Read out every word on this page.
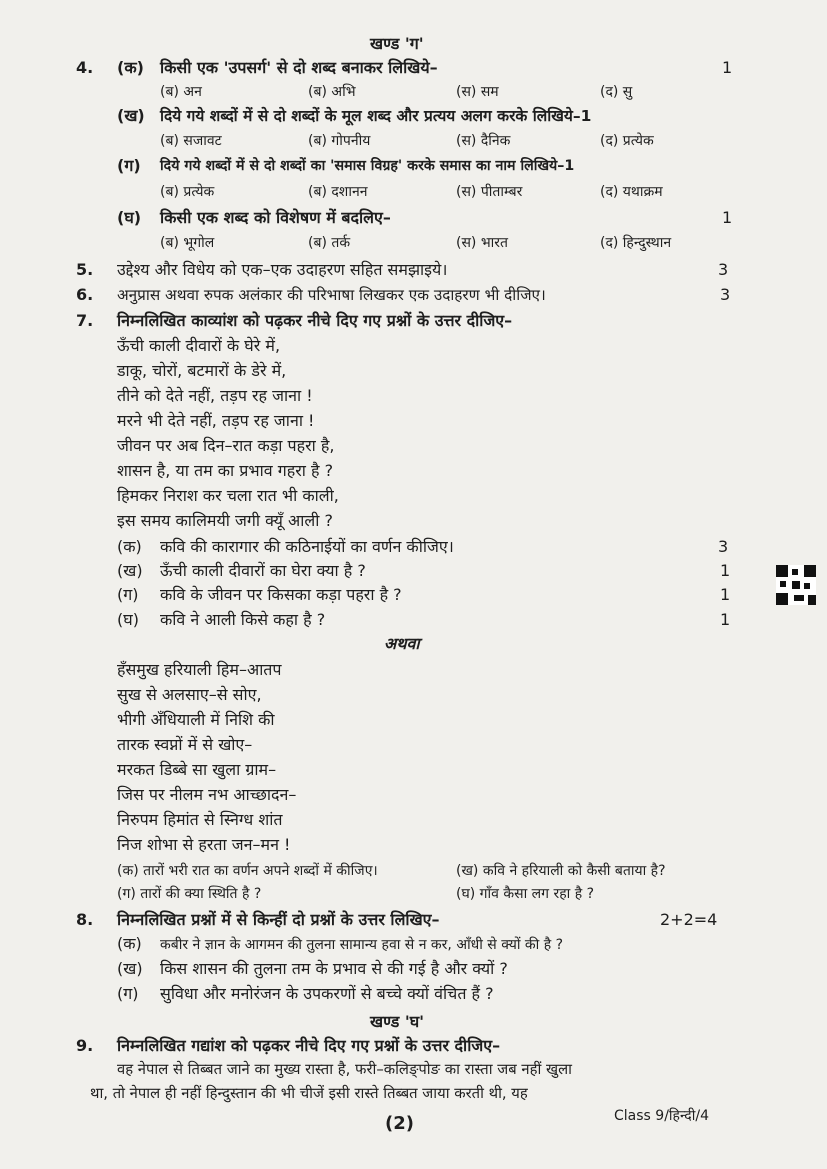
खण्ड 'ग'
4. (क) किसी एक 'उपसर्ग' से दो शब्द बनाकर लिखिये–	1
(ब) अन	(ब) अभि	(स) सम	(द) सु
(ख) दिये गये शब्दों में से दो शब्दों के मूल शब्द और प्रत्यय अलग करके लिखिये–1
(ब) सजावट	(ब) गोपनीय	(स) दैनिक	(द) प्रत्येक
(ग) दिये गये शब्दों में से दो शब्दों का 'समास विग्रह' करके समास का नाम लिखिये–1
(ब) प्रत्येक	(ब) दशानन	(स) पीताम्बर	(द) यथाक्रम
(घ) किसी एक शब्द को विशेषण में बदलिए–	1
(ब) भूगोल	(ब) तर्क	(स) भारत	(द) हिन्दुस्थान
5. उद्देश्य और विधेय को एक–एक उदाहरण सहित समझाइये।	3
6. अनुप्रास अथवा रुपक अलंकार की परिभाषा लिखकर एक उदाहरण भी दीजिए।	3
7. निम्नलिखित काव्यांश को पढ़कर नीचे दिए गए प्रश्नों के उत्तर दीजिए–
ऊँची काली दीवारों के घेरे में,
डाकू, चोरों, बटमारों के डेरे में,
तीने को देते नहीं, तड़प रह जाना !
मरने भी देते नहीं, तड़प रह जाना !
जीवन पर अब दिन–रात कड़ा पहरा है,
शासन है, या तम का प्रभाव गहरा है ?
हिमकर निराश कर चला रात भी काली,
इस समय कालिमयी जगी क्यूँ आली ?
(क) कवि की कारागार की कठिनाईयों का वर्णन कीजिए।	3
(ख) ऊँची काली दीवारों का घेरा क्या है ?	1
(ग) कवि के जीवन पर किसका कड़ा पहरा है ?	1
(घ) कवि ने आली किसे कहा है ?	1
अथवा
हँसमुख हरियाली हिम–आतप
सुख से अलसाए–से सोए,
भीगी अँधियाली में निशि की
तारक स्वप्नों में से खोए–
मरकत डिब्बे सा खुला ग्राम–
जिस पर नीलम नभ आच्छादन–
निरुपम हिमांत से स्निग्ध शांत
निज शोभा से हरता जन–मन !
(क) तारों भरी रात का वर्णन अपने शब्दों में कीजिए।	(ख) कवि ने हरियाली को कैसी बताया है?
(ग) तारों की क्या स्थिति है ?	(घ) गाँव कैसा लग रहा है ?
8. निम्नलिखित प्रश्नों में से किन्हीं दो प्रश्नों के उत्तर लिखिए–	2+2=4
(क) कबीर ने ज्ञान के आगमन की तुलना सामान्य हवा से न कर, आँधी से क्यों की है ?
(ख) किस शासन की तुलना तम के प्रभाव से की गई है और क्यों ?
(ग) सुविधा और मनोरंजन के उपकरणों से बच्चे क्यों वंचित हैं ?
खण्ड 'घ'
9. निम्नलिखित गद्यांश को पढ़कर नीचे दिए गए प्रश्नों के उत्तर दीजिए–
वह नेपाल से तिब्बत जाने का मुख्य रास्ता है, फरी–कलिङ्पोङ का रास्ता जब नहीं खुला
था, तो नेपाल ही नहीं हिन्दुस्तान की भी चीजें इसी रास्ते तिब्बत जाया करती थी, यह
Class 9/हिन्दी/4
(2)
